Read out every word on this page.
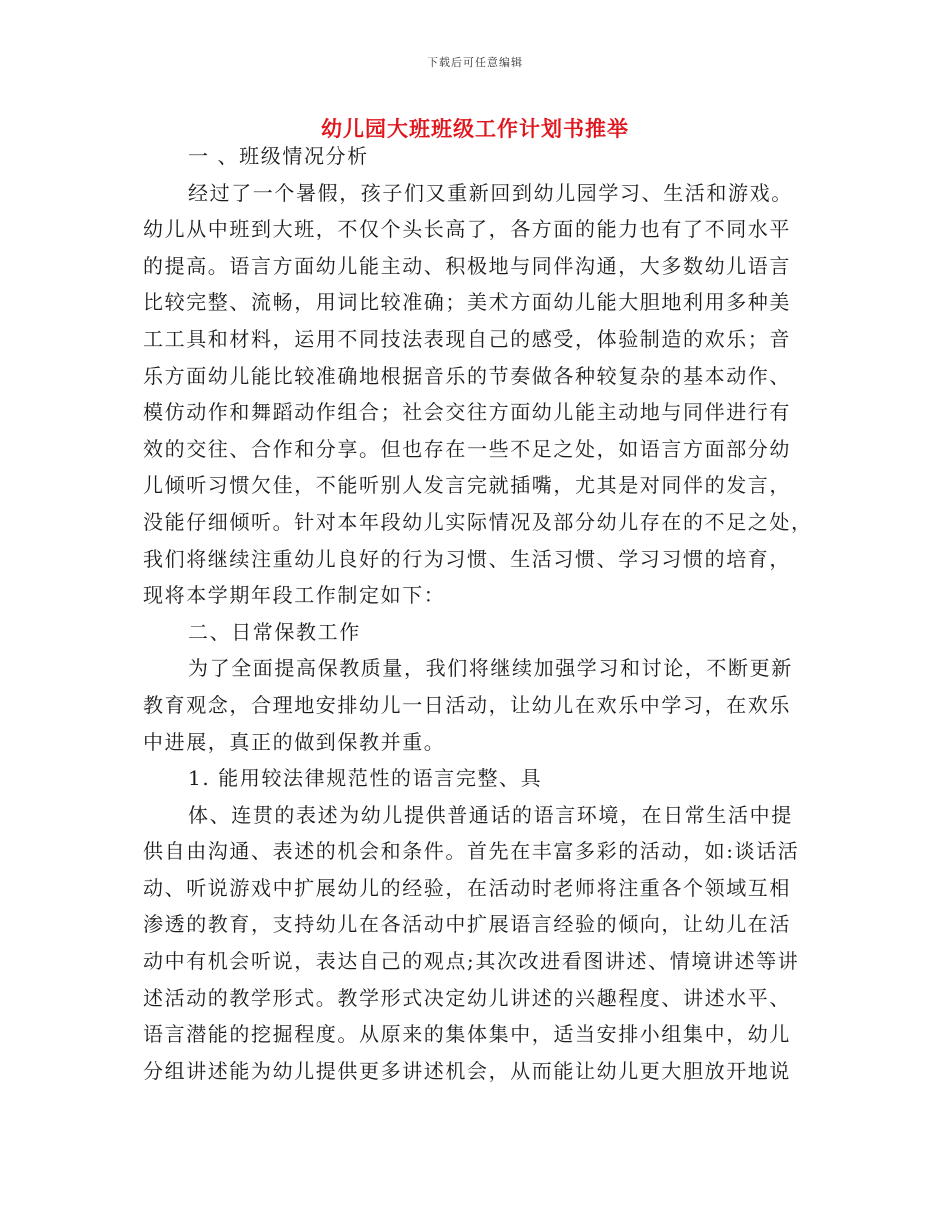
下载后可任意编辑
幼儿园大班班级工作计划书推举
一 、班级情况分析
经过了一个暑假，孩子们又重新回到幼儿园学习、生活和游戏。
幼儿从中班到大班，不仅个头长高了，各方面的能力也有了不同水平
的提高。语言方面幼儿能主动、积极地与同伴沟通，大多数幼儿语言
比较完整、流畅，用词比较准确；美术方面幼儿能大胆地利用多种美
工工具和材料，运用不同技法表现自己的感受，体验制造的欢乐；音
乐方面幼儿能比较准确地根据音乐的节奏做各种较复杂的基本动作、
模仿动作和舞蹈动作组合；社会交往方面幼儿能主动地与同伴进行有
效的交往、合作和分享。但也存在一些不足之处，如语言方面部分幼
儿倾听习惯欠佳，不能听别人发言完就插嘴，尤其是对同伴的发言，
没能仔细倾听。针对本年段幼儿实际情况及部分幼儿存在的不足之处，
我们将继续注重幼儿良好的行为习惯、生活习惯、学习习惯的培育，
现将本学期年段工作制定如下：
二、日常保教工作
为了全面提高保教质量，我们将继续加强学习和讨论，不断更新
教育观念，合理地安排幼儿一日活动，让幼儿在欢乐中学习，在欢乐
中进展，真正的做到保教并重。
1. 能用较法律规范性的语言完整、具
体、连贯的表述为幼儿提供普通话的语言环境，在日常生活中提
供自由沟通、表述的机会和条件。首先在丰富多彩的活动，如:谈话活
动、听说游戏中扩展幼儿的经验，在活动时老师将注重各个领域互相
渗透的教育，支持幼儿在各活动中扩展语言经验的倾向，让幼儿在活
动中有机会听说，表达自己的观点;其次改进看图讲述、情境讲述等讲
述活动的教学形式。教学形式决定幼儿讲述的兴趣程度、讲述水平、
语言潜能的挖掘程度。从原来的集体集中，适当安排小组集中，幼儿
分组讲述能为幼儿提供更多讲述机会，从而能让幼儿更大胆放开地说
